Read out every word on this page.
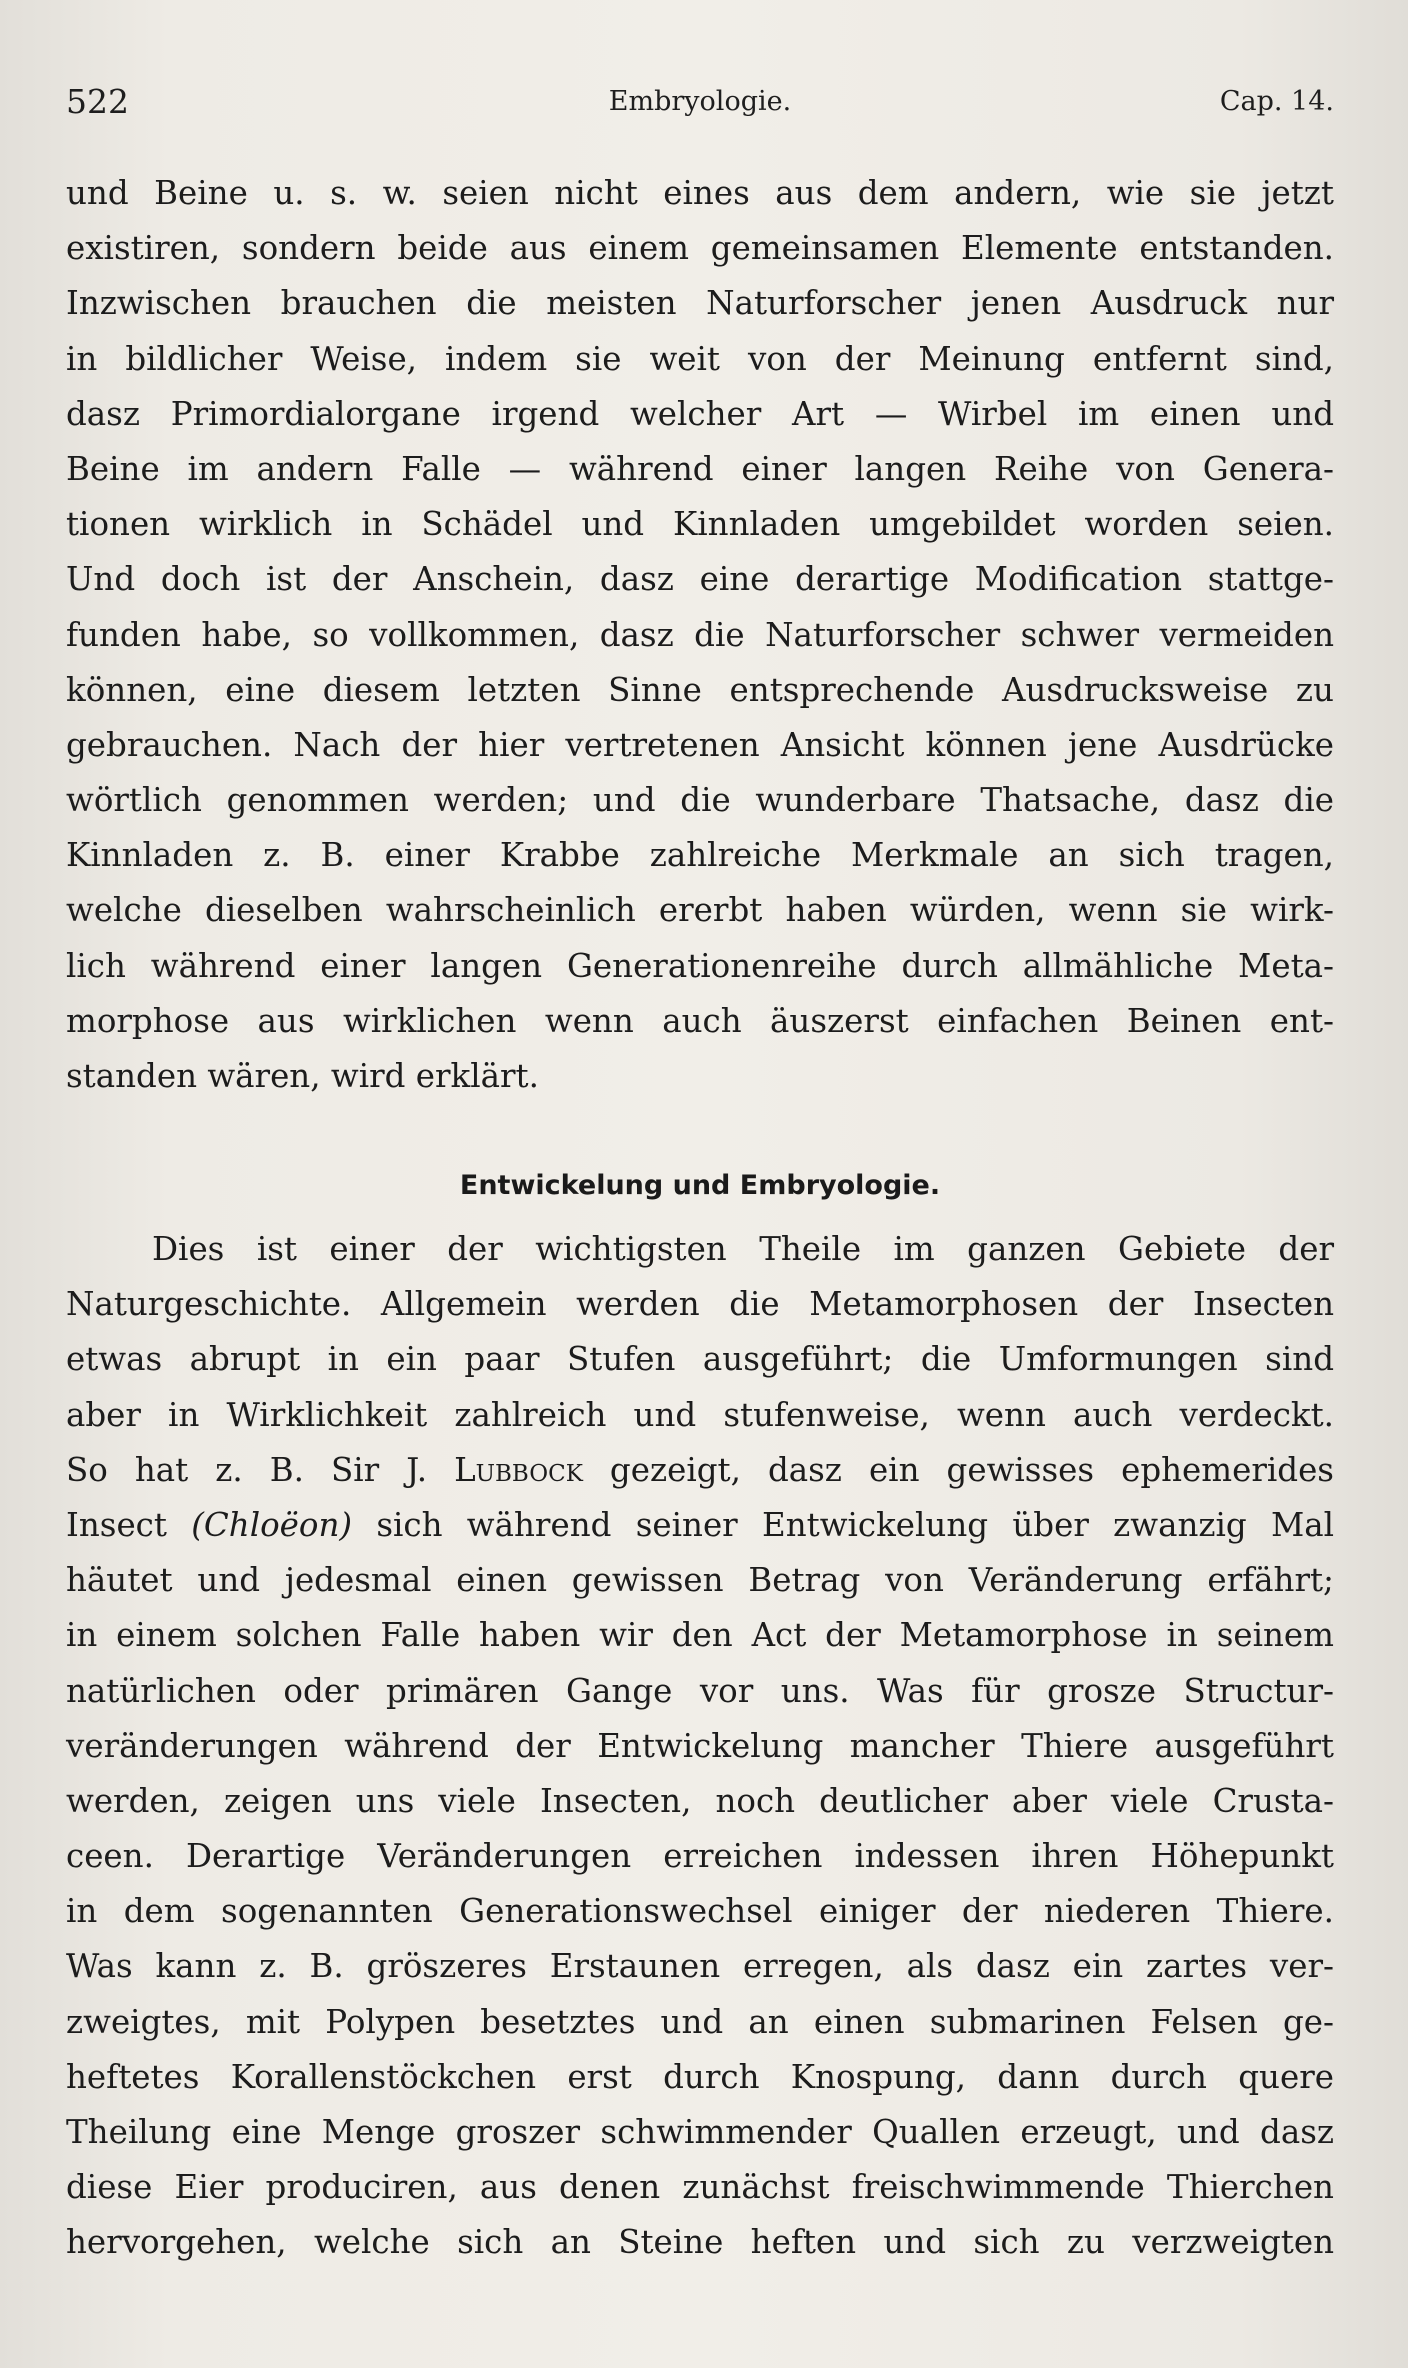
522	Embryologie.	Cap. 14.
und Beine u. s. w. seien nicht eines aus dem andern, wie sie jetzt
existiren, sondern beide aus einem gemeinsamen Elemente entstanden.
Inzwischen brauchen die meisten Naturforscher jenen Ausdruck nur
in bildlicher Weise, indem sie weit von der Meinung entfernt sind,
dasz Primordialorgane irgend welcher Art — Wirbel im einen und
Beine im andern Falle — während einer langen Reihe von Genera-
tionen wirklich in Schädel und Kinnladen umgebildet worden seien.
Und doch ist der Anschein, dasz eine derartige Modification stattge-
funden habe, so vollkommen, dasz die Naturforscher schwer vermeiden
können, eine diesem letzten Sinne entsprechende Ausdrucksweise zu
gebrauchen. Nach der hier vertretenen Ansicht können jene Ausdrücke
wörtlich genommen werden; und die wunderbare Thatsache, dasz die
Kinnladen z. B. einer Krabbe zahlreiche Merkmale an sich tragen,
welche dieselben wahrscheinlich ererbt haben würden, wenn sie wirk-
lich während einer langen Generationenreihe durch allmähliche Meta-
morphose aus wirklichen wenn auch äuszerst einfachen Beinen ent-
standen wären, wird erklärt.
Entwickelung und Embryologie.
Dies ist einer der wichtigsten Theile im ganzen Gebiete der
Naturgeschichte. Allgemein werden die Metamorphosen der Insecten
etwas abrupt in ein paar Stufen ausgeführt; die Umformungen sind
aber in Wirklichkeit zahlreich und stufenweise, wenn auch verdeckt.
So hat z. B. Sir J. Lubbock gezeigt, dasz ein gewisses ephemerides
Insect (Chloëon) sich während seiner Entwickelung über zwanzig Mal
häutet und jedesmal einen gewissen Betrag von Veränderung erfährt;
in einem solchen Falle haben wir den Act der Metamorphose in seinem
natürlichen oder primären Gange vor uns. Was für grosze Structur-
veränderungen während der Entwickelung mancher Thiere ausgeführt
werden, zeigen uns viele Insecten, noch deutlicher aber viele Crusta-
ceen. Derartige Veränderungen erreichen indessen ihren Höhepunkt
in dem sogenannten Generationswechsel einiger der niederen Thiere.
Was kann z. B. gröszeres Erstaunen erregen, als dasz ein zartes ver-
zweigtes, mit Polypen besetztes und an einen submarinen Felsen ge-
heftetes Korallenstöckchen erst durch Knospung, dann durch quere
Theilung eine Menge groszer schwimmender Quallen erzeugt, und dasz
diese Eier produciren, aus denen zunächst freischwimmende Thierchen
hervorgehen, welche sich an Steine heften und sich zu verzweigten
